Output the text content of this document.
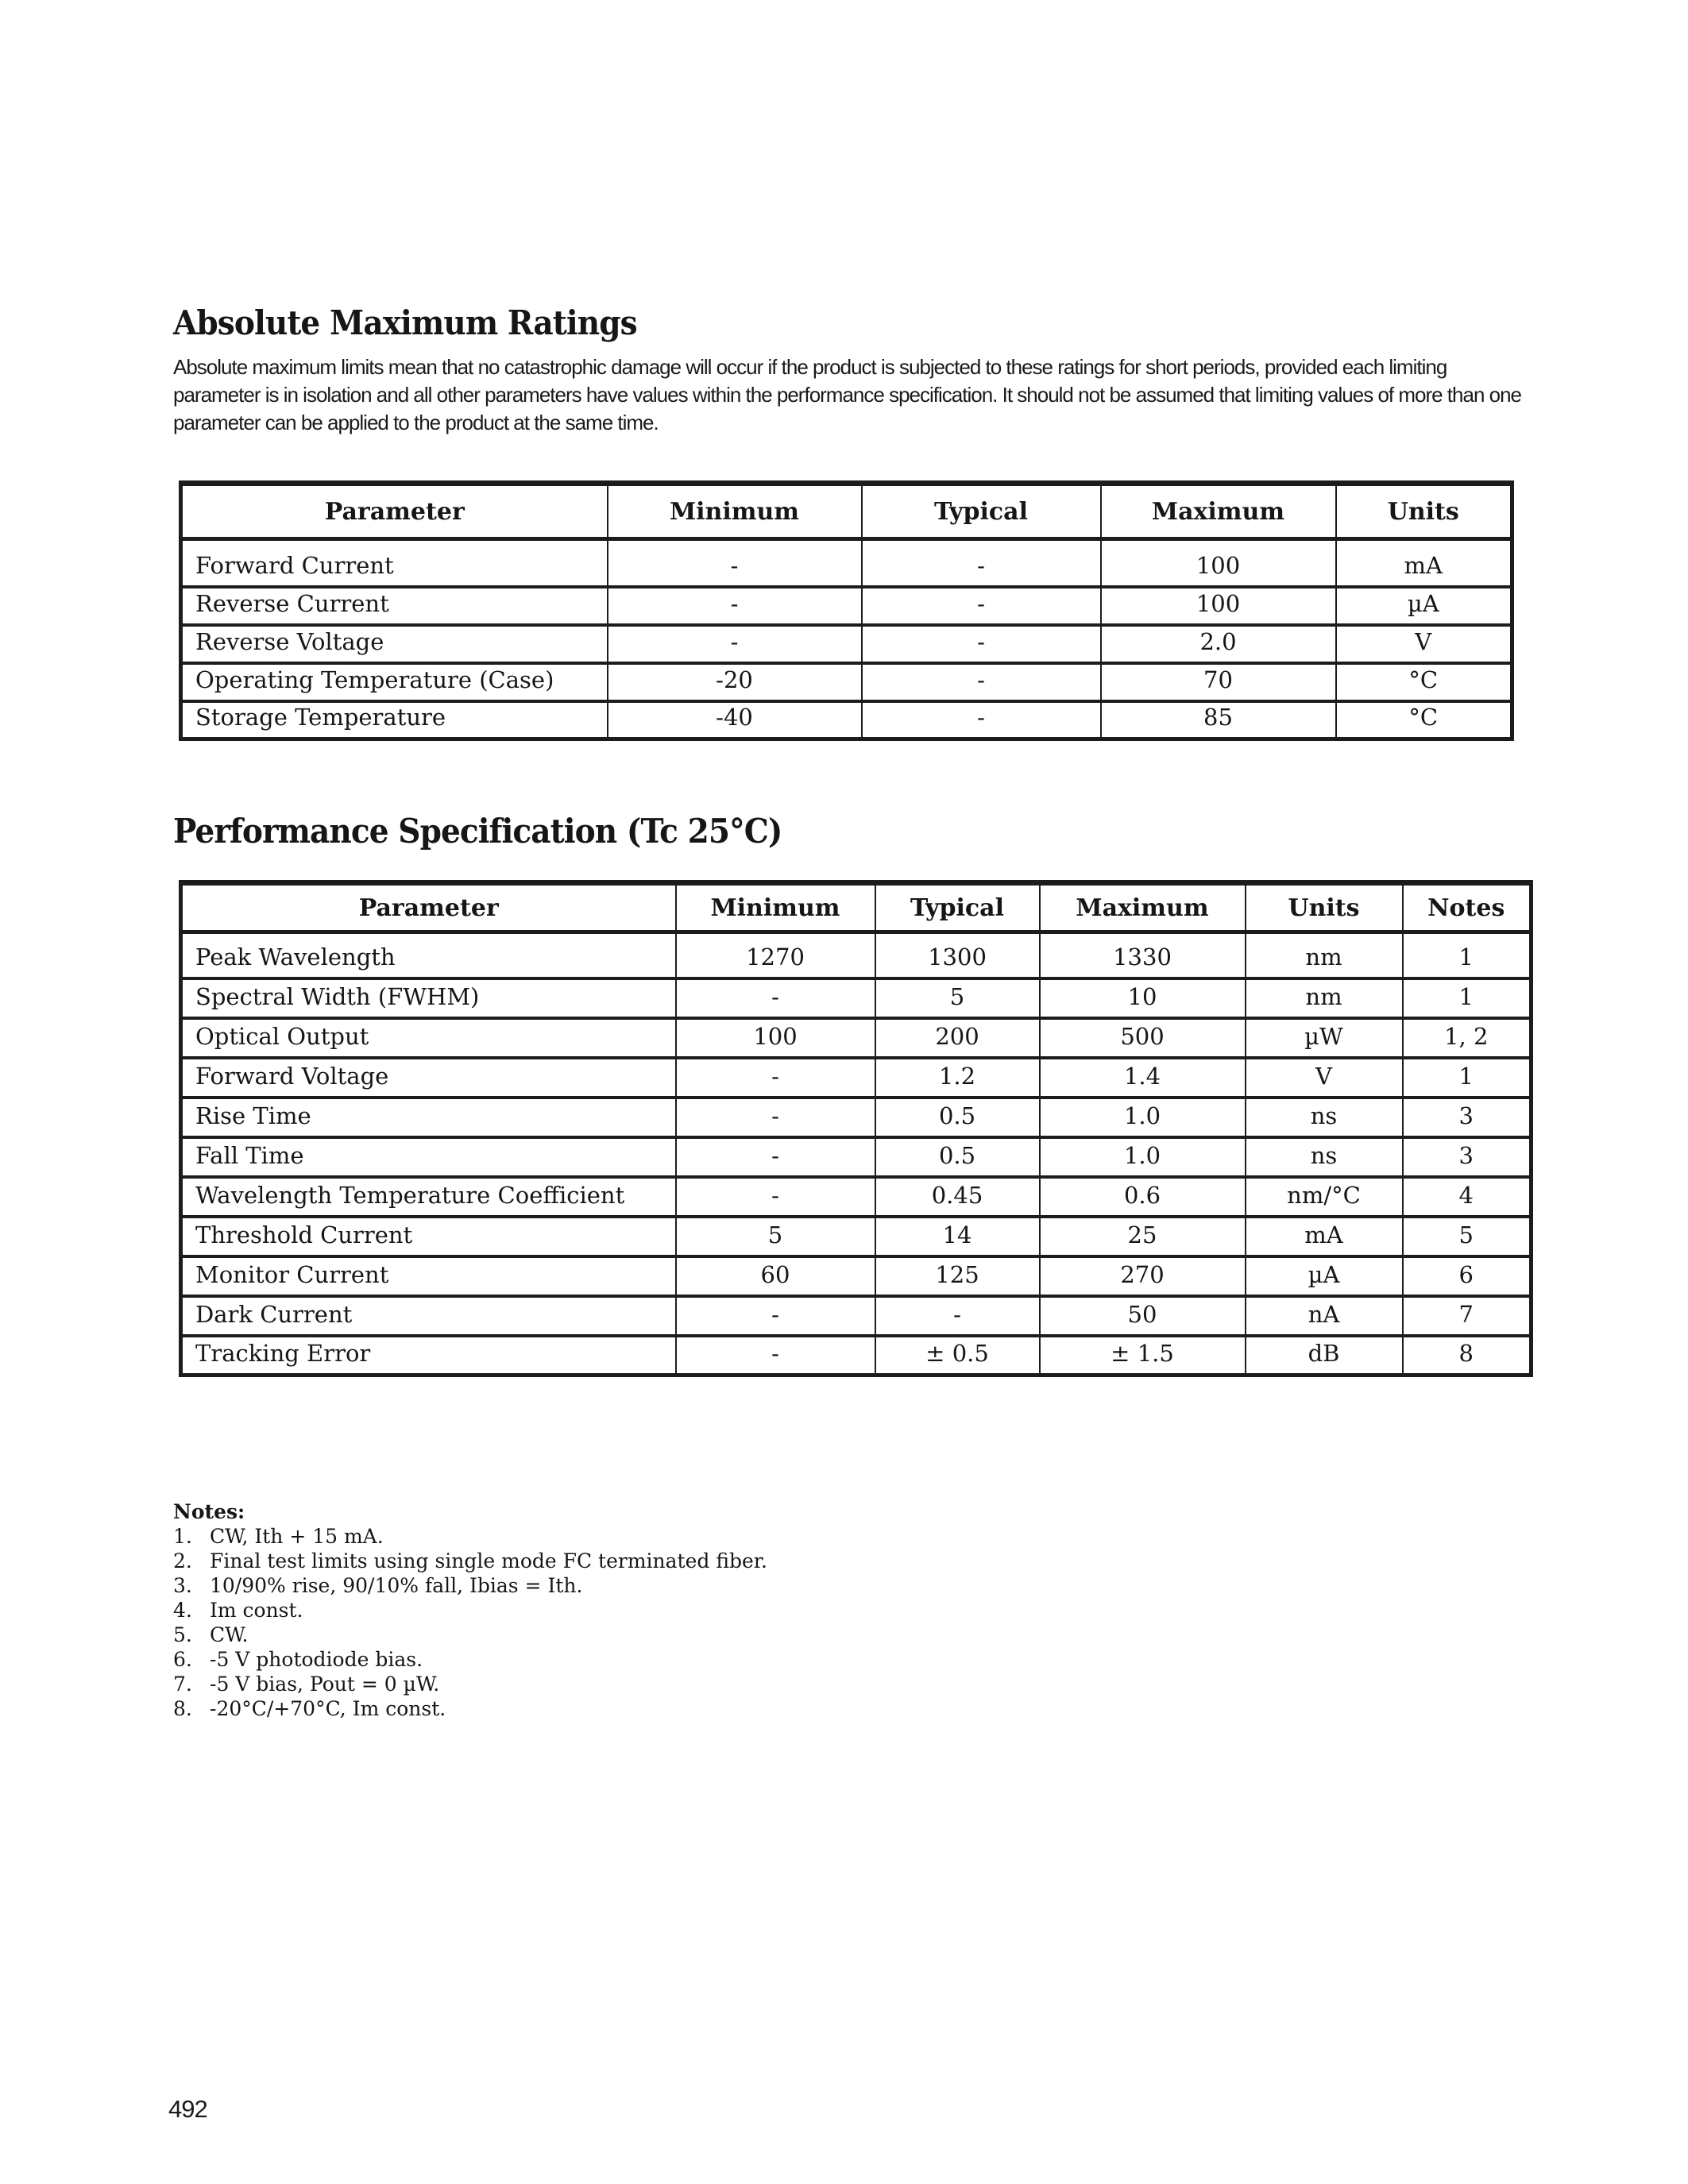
Absolute Maximum Ratings

Absolute maximum limits mean that no catastrophic damage will occur if the product is subjected to these ratings for short periods, provided each limiting parameter is in isolation and all other parameters have values within the performance specification. It should not be assumed that limiting values of more than one parameter can be applied to the product at the same time.

Parameter	Minimum	Typical	Maximum	Units
Forward Current	-	-	100	mA
Reverse Current	-	-	100	µA
Reverse Voltage	-	-	2.0	V
Operating Temperature (Case)	-20	-	70	°C
Storage Temperature	-40	-	85	°C
Performance Specification (Tc 25°C)
Parameter	Minimum	Typical	Maximum	Units	Notes
Peak Wavelength	1270	1300	1330	nm	1
Spectral Width (FWHM)	-	5	10	nm	1
Optical Output	100	200	500	µW	1, 2
Forward Voltage	-	1.2	1.4	V	1
Rise Time	-	0.5	1.0	ns	3
Fall Time	-	0.5	1.0	ns	3
Wavelength Temperature Coefficient	-	0.45	0.6	nm/°C	4
Threshold Current	5	14	25	mA	5
Monitor Current	60	125	270	µA	6
Dark Current	-	-	50	nA	7
Tracking Error	-	± 0.5	± 1.5	dB	8
Notes:
1. CW, Ith + 15 mA.
2. Final test limits using single mode FC terminated fiber.
3. 10/90% rise, 90/10% fall, Ibias = Ith.
4. Im const.
5. CW.
6. -5 V photodiode bias.
7. -5 V bias, Pout = 0 µW.
8. -20°C/+70°C, Im const.
492
